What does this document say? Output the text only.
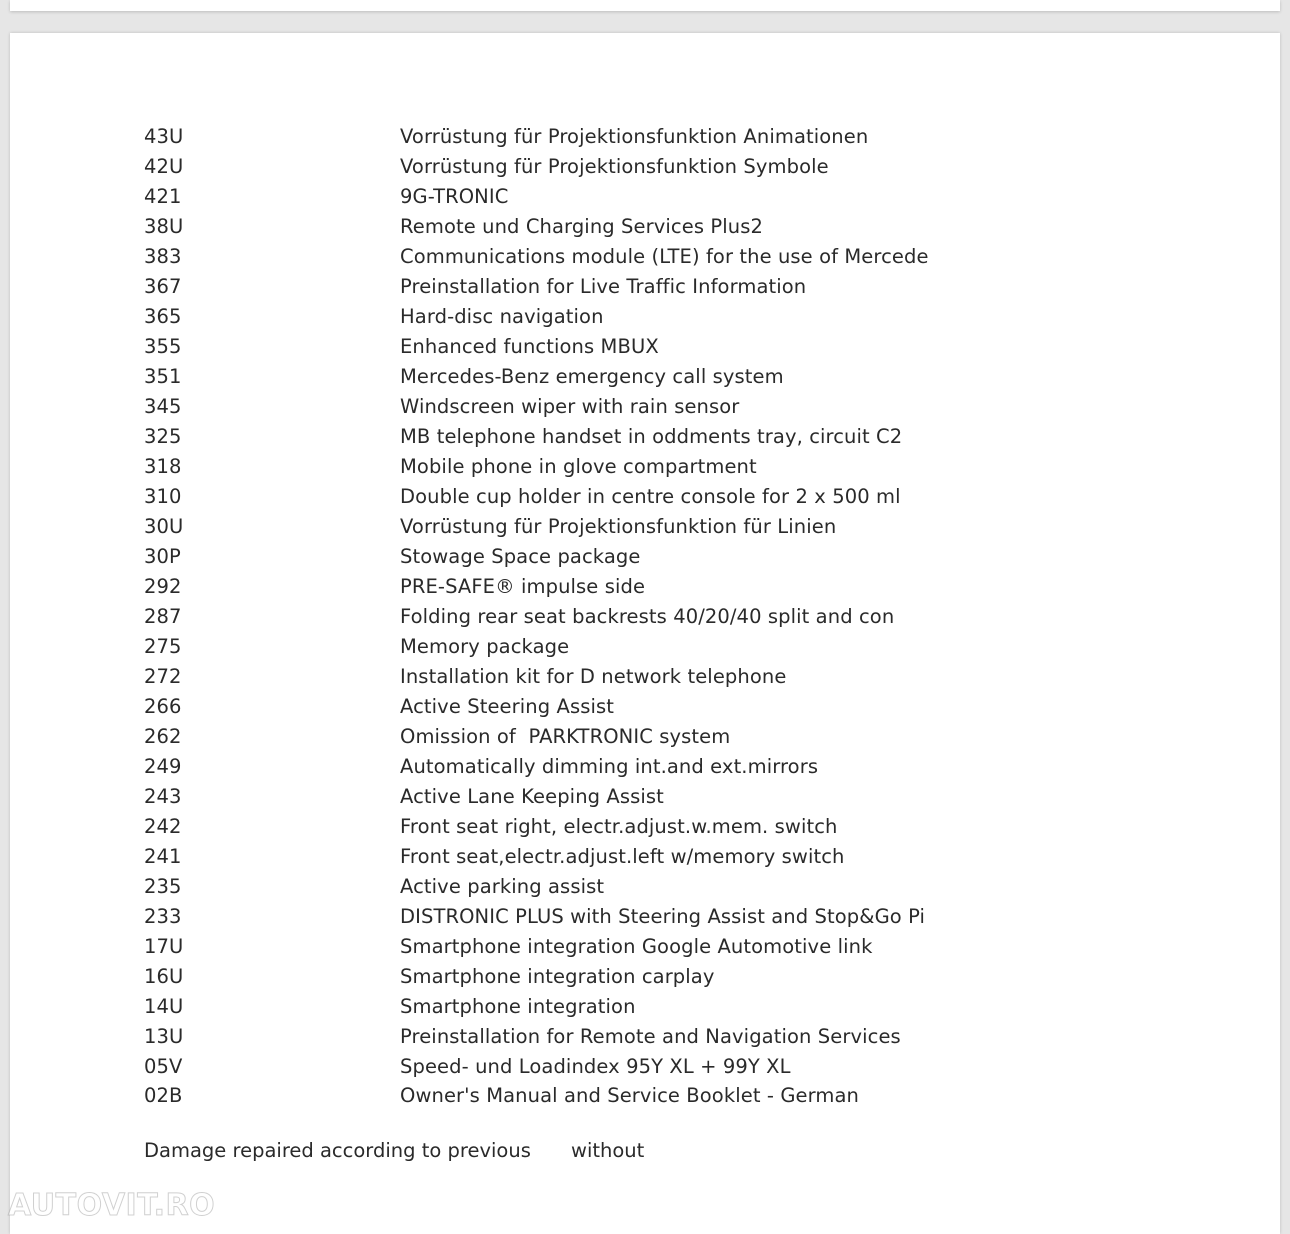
43U	Vorrüstung für Projektionsfunktion Animationen
42U	Vorrüstung für Projektionsfunktion Symbole
421	9G-TRONIC
38U	Remote und Charging Services Plus2
383	Communications module (LTE) for the use of Mercede
367	Preinstallation for Live Traffic Information
365	Hard-disc navigation
355	Enhanced functions MBUX
351	Mercedes-Benz emergency call system
345	Windscreen wiper with rain sensor
325	MB telephone handset in oddments tray, circuit C2
318	Mobile phone in glove compartment
310	Double cup holder in centre console for 2 x 500 ml
30U	Vorrüstung für Projektionsfunktion für Linien
30P	Stowage Space package
292	PRE-SAFE® impulse side
287	Folding rear seat backrests 40/20/40 split and con
275	Memory package
272	Installation kit for D network telephone
266	Active Steering Assist
262	Omission of  PARKTRONIC system
249	Automatically dimming int.and ext.mirrors
243	Active Lane Keeping Assist
242	Front seat right, electr.adjust.w.mem. switch
241	Front seat,electr.adjust.left w/memory switch
235	Active parking assist
233	DISTRONIC PLUS with Steering Assist and Stop&Go Pi
17U	Smartphone integration Google Automotive link
16U	Smartphone integration carplay
14U	Smartphone integration
13U	Preinstallation for Remote and Navigation Services
05V	Speed- und Loadindex 95Y XL + 99Y XL
02B	Owner's Manual and Service Booklet - German
Damage repaired according to previous	without
AUTOVIT.RO
